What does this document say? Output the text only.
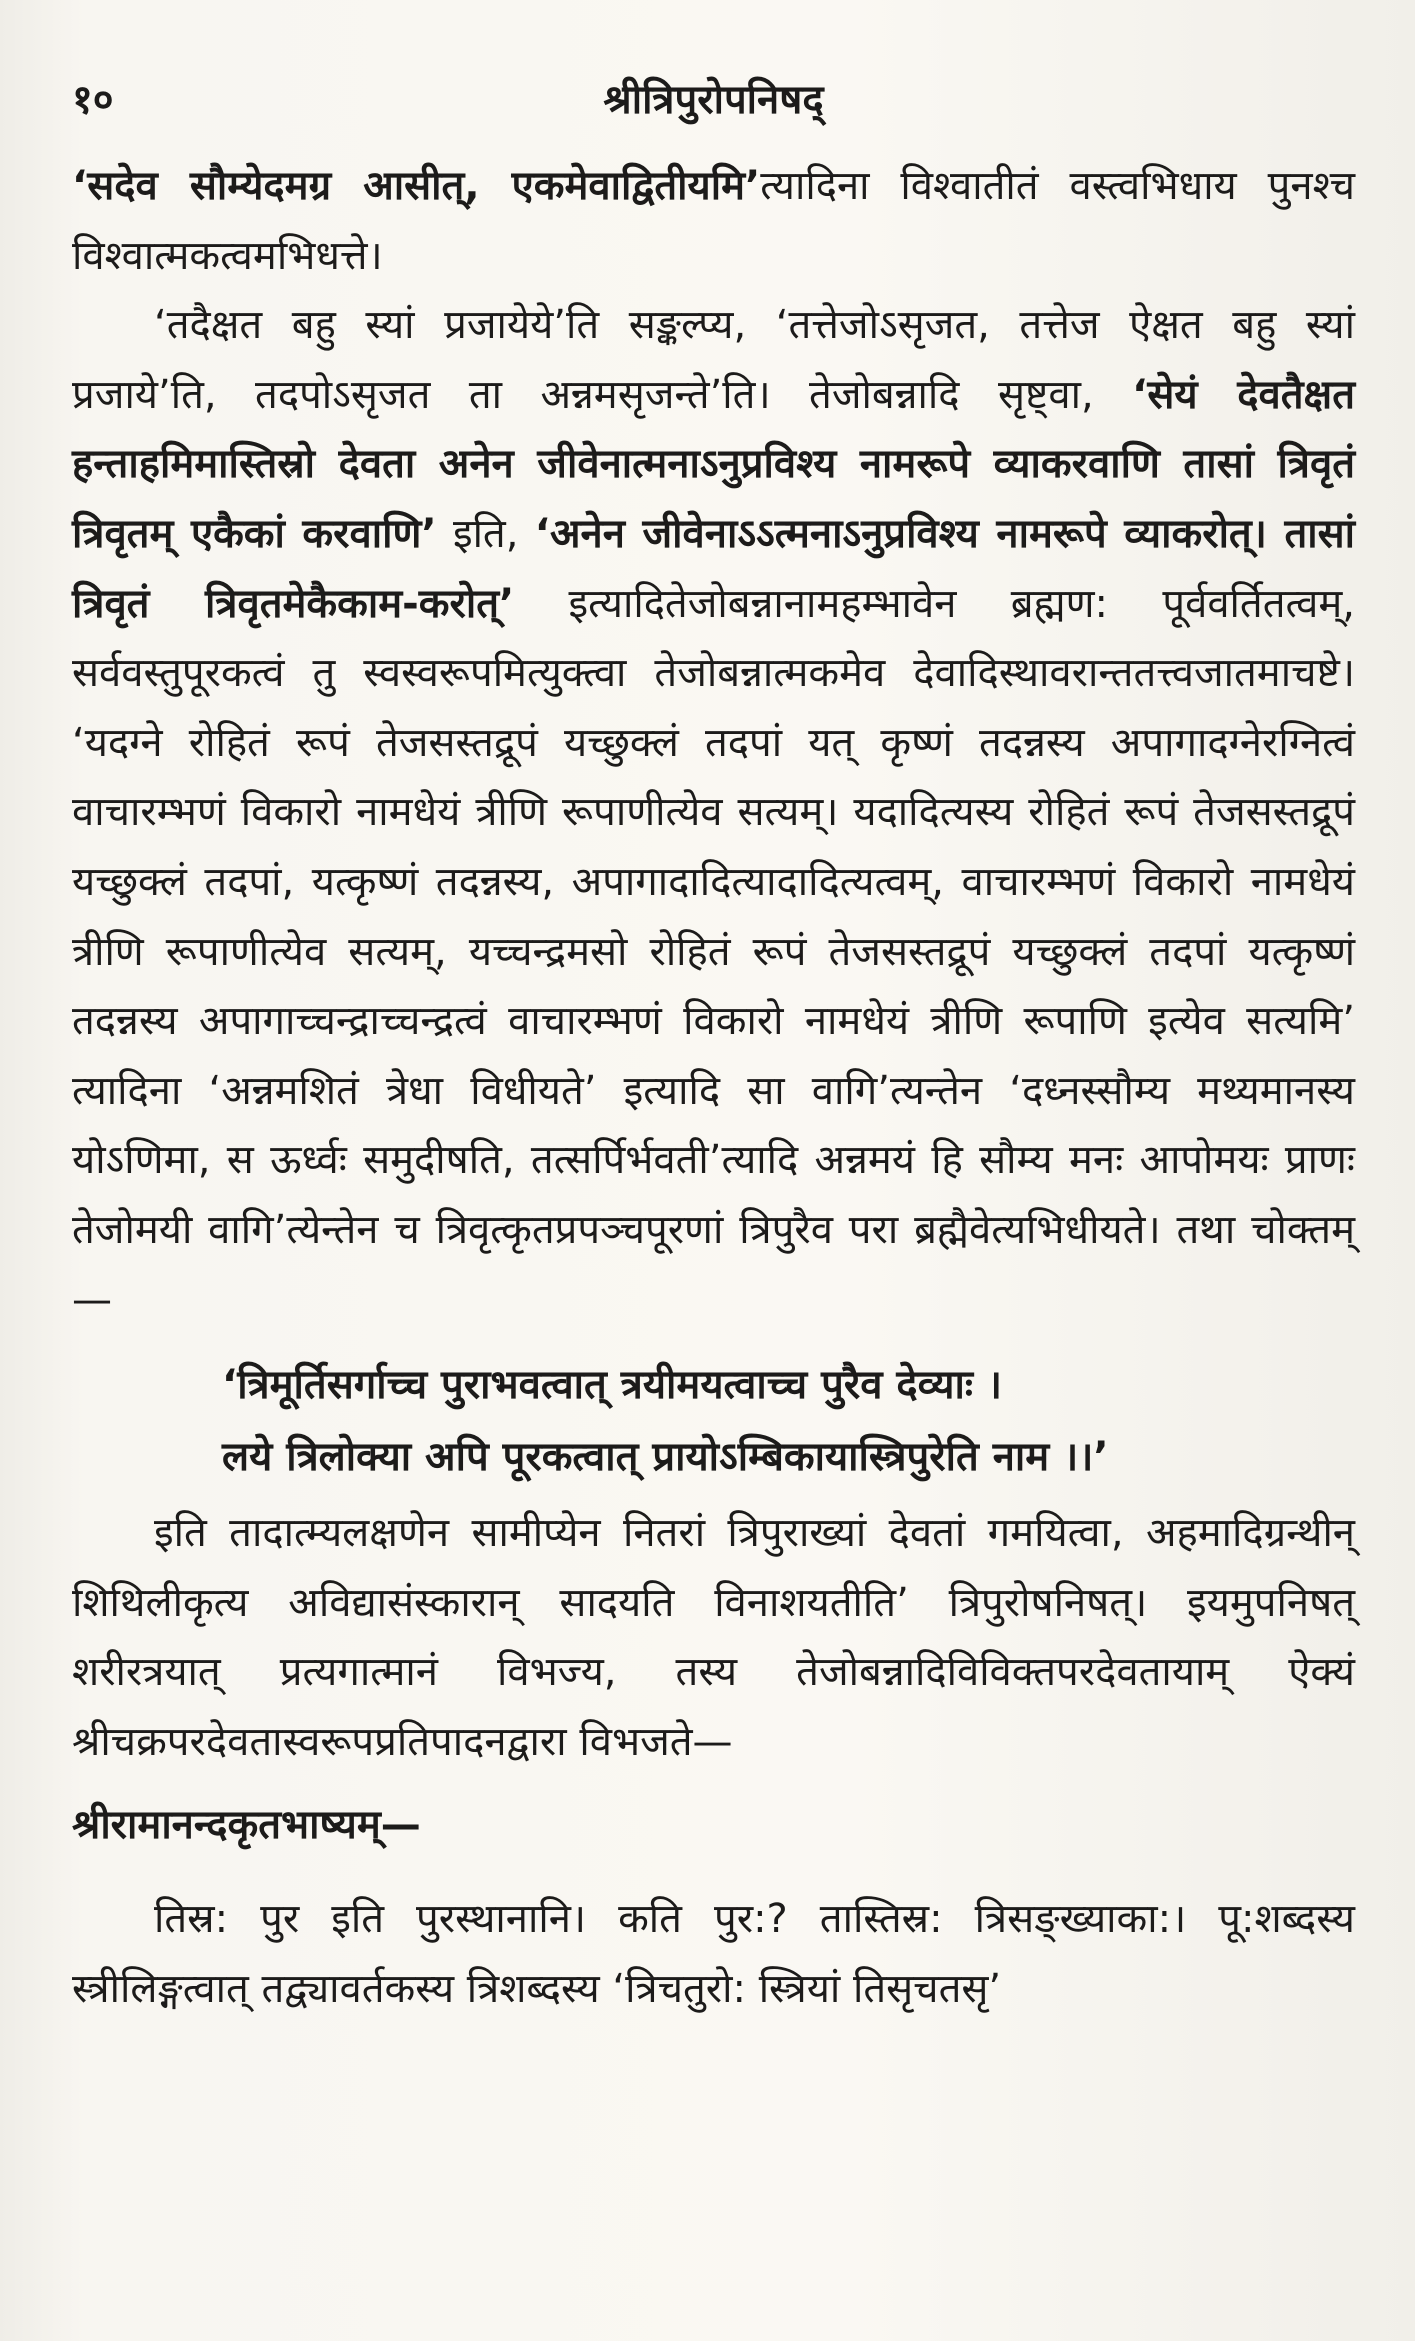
१०	श्रीत्रिपुरोपनिषद्

‘सदेव सौम्येदमग्र आसीत्, एकमेवाद्वितीयमि’त्यादिना विश्वातीतं वस्त्वभिधाय पुनश्च विश्वात्मकत्वमभिधत्ते।

‘तदैक्षत बहु स्यां प्रजायेये’ति सङ्कल्प्य, ‘तत्तेजोऽसृजत, तत्तेज ऐक्षत बहु स्यां प्रजाये’ति, तदपोऽसृजत ता अन्नमसृजन्ते’ति। तेजोबन्नादि सृष्ट्वा, ‘सेयं देवतैक्षत हन्ताहमिमास्तिस्रो देवता अनेन जीवेनात्मनाऽनुप्रविश्य नामरूपे व्याकरवाणि तासां त्रिवृतं त्रिवृतम् एकैकां करवाणि’ इति, ‘अनेन जीवेनाऽऽत्मनाऽनुप्रविश्य नामरूपे व्याकरोत्। तासां त्रिवृतं त्रिवृतमेकैकाम-करोत्’ इत्यादितेजोबन्नानामहम्भावेन ब्रह्मण: पूर्ववर्तितत्वम्, सर्ववस्तुपूरकत्वं तु स्वस्वरूपमित्युक्त्वा तेजोबन्नात्मकमेव देवादिस्थावरान्ततत्त्वजातमाचष्टे। ‘यदग्ने रोहितं रूपं तेजसस्तद्रूपं यच्छुक्लं तदपां यत् कृष्णं तदन्नस्य अपागादग्नेरग्नित्वं वाचारम्भणं विकारो नामधेयं त्रीणि रूपाणीत्येव सत्यम्। यदादित्यस्य रोहितं रूपं तेजसस्तद्रूपं यच्छुक्लं तदपां, यत्कृष्णं तदन्नस्य, अपागादादित्यादादित्यत्वम्, वाचारम्भणं विकारो नामधेयं त्रीणि रूपाणीत्येव सत्यम्, यच्चन्द्रमसो रोहितं रूपं तेजसस्तद्रूपं यच्छुक्लं तदपां यत्कृष्णं तदन्नस्य अपागाच्चन्द्राच्चन्द्रत्वं वाचारम्भणं विकारो नामधेयं त्रीणि रूपाणि इत्येव सत्यमि’ त्यादिना ‘अन्नमशितं त्रेधा विधीयते’ इत्यादि सा वागि’त्यन्तेन ‘दध्नस्सौम्य मथ्यमानस्य योऽणिमा, स ऊर्ध्वः समुदीषति, तत्सर्पिर्भवती’त्यादि अन्नमयं हि सौम्य मनः आपोमयः प्राणः तेजोमयी वागि’त्येन्तेन च त्रिवृत्कृतप्रपञ्चपूरणां त्रिपुरैव परा ब्रह्मैवेत्यभिधीयते। तथा चोक्तम्—

‘त्रिमूर्तिसर्गाच्च पुराभवत्वात् त्रयीमयत्वाच्च पुरैव देव्याः ।
लये त्रिलोक्या अपि पूरकत्वात् प्रायोऽम्बिकायास्त्रिपुरेति नाम ।।’

इति तादात्म्यलक्षणेन सामीप्येन नितरां त्रिपुराख्यां देवतां गमयित्वा, अहमादिग्रन्थीन् शिथिलीकृत्य अविद्यासंस्कारान् सादयति विनाशयतीति’ त्रिपुरोषनिषत्। इयमुपनिषत् शरीरत्रयात् प्रत्यगात्मानं विभज्य, तस्य तेजोबन्नादिविविक्तपरदेवतायाम् ऐक्यं श्रीचक्रपरदेवतास्वरूपप्रतिपादनद्वारा विभजते—

श्रीरामानन्दकृतभाष्यम्—

तिस्र: पुर इति पुरस्थानानि। कति पुर:? तास्तिस्र: त्रिसङ्ख्याका:। पू:शब्दस्य स्त्रीलिङ्गत्वात् तद्व्यावर्तकस्य त्रिशब्दस्य ‘त्रिचतुरो: स्त्रियां तिसृचतसृ’
